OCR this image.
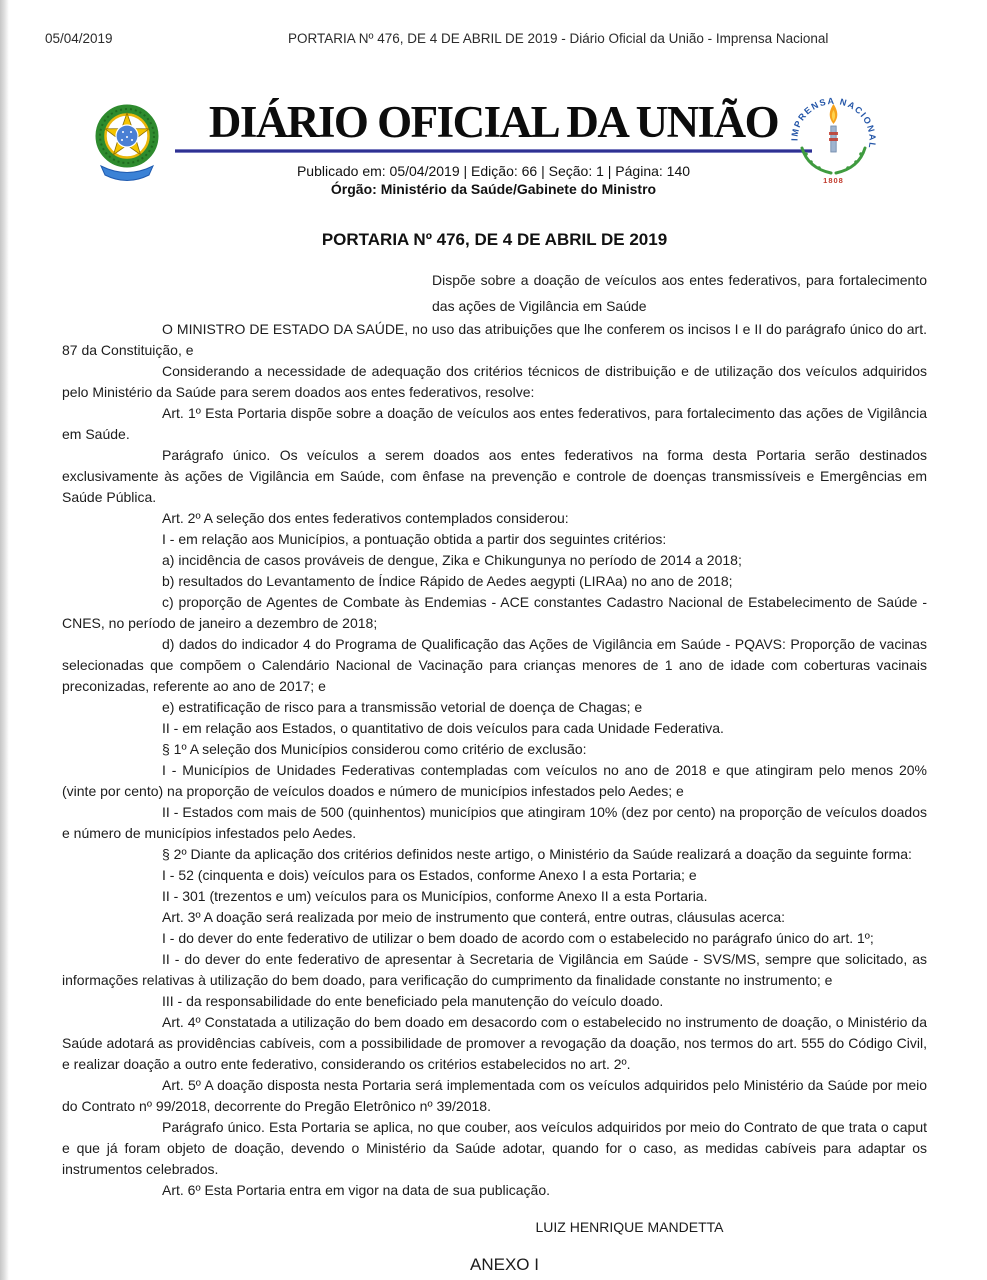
05/04/2019	PORTARIA Nº 476, DE 4 DE ABRIL DE 2019 - Diário Oficial da União - Imprensa Nacional
IMPRENSA NACIONAL
1808
DIÁRIO OFICIAL DA UNIÃO
Publicado em: 05/04/2019 | Edição: 66 | Seção: 1 | Página: 140
Órgão: Ministério da Saúde/Gabinete do Ministro
PORTARIA Nº 476, DE 4 DE ABRIL DE 2019

Dispõe sobre a doação de veículos aos entes federativos, para fortalecimento das ações de Vigilância em Saúde

O MINISTRO DE ESTADO DA SAÚDE, no uso das atribuições que lhe conferem os incisos I e II do parágrafo único do art. 87 da Constituição, e

Considerando a necessidade de adequação dos critérios técnicos de distribuição e de utilização dos veículos adquiridos pelo Ministério da Saúde para serem doados aos entes federativos, resolve:

Art. 1º Esta Portaria dispõe sobre a doação de veículos aos entes federativos, para fortalecimento das ações de Vigilância em Saúde.

Parágrafo único. Os veículos a serem doados aos entes federativos na forma desta Portaria serão destinados exclusivamente às ações de Vigilância em Saúde, com ênfase na prevenção e controle de doenças transmissíveis e Emergências em Saúde Pública.

Art. 2º A seleção dos entes federativos contemplados considerou:

I - em relação aos Municípios, a pontuação obtida a partir dos seguintes critérios:

a) incidência de casos prováveis de dengue, Zika e Chikungunya no período de 2014 a 2018;

b) resultados do Levantamento de Índice Rápido de Aedes aegypti (LIRAa) no ano de 2018;

c) proporção de Agentes de Combate às Endemias - ACE constantes Cadastro Nacional de Estabelecimento de Saúde - CNES, no período de janeiro a dezembro de 2018;

d) dados do indicador 4 do Programa de Qualificação das Ações de Vigilância em Saúde - PQAVS: Proporção de vacinas selecionadas que compõem o Calendário Nacional de Vacinação para crianças menores de 1 ano de idade com coberturas vacinais preconizadas, referente ao ano de 2017; e

e) estratificação de risco para a transmissão vetorial de doença de Chagas; e

II - em relação aos Estados, o quantitativo de dois veículos para cada Unidade Federativa.

§ 1º A seleção dos Municípios considerou como critério de exclusão:

I - Municípios de Unidades Federativas contempladas com veículos no ano de 2018 e que atingiram pelo menos 20% (vinte por cento) na proporção de veículos doados e número de municípios infestados pelo Aedes; e

II - Estados com mais de 500 (quinhentos) municípios que atingiram 10% (dez por cento) na proporção de veículos doados e número de municípios infestados pelo Aedes.

§ 2º Diante da aplicação dos critérios definidos neste artigo, o Ministério da Saúde realizará a doação da seguinte forma:

I - 52 (cinquenta e dois) veículos para os Estados, conforme Anexo I a esta Portaria; e

II - 301 (trezentos e um) veículos para os Municípios, conforme Anexo II a esta Portaria.

Art. 3º A doação será realizada por meio de instrumento que conterá, entre outras, cláusulas acerca:

I - do dever do ente federativo de utilizar o bem doado de acordo com o estabelecido no parágrafo único do art. 1º;

II - do dever do ente federativo de apresentar à Secretaria de Vigilância em Saúde - SVS/MS, sempre que solicitado, as informações relativas à utilização do bem doado, para verificação do cumprimento da finalidade constante no instrumento; e

III - da responsabilidade do ente beneficiado pela manutenção do veículo doado.

Art. 4º Constatada a utilização do bem doado em desacordo com o estabelecido no instrumento de doação, o Ministério da Saúde adotará as providências cabíveis, com a possibilidade de promover a revogação da doação, nos termos do art. 555 do Código Civil, e realizar doação a outro ente federativo, considerando os critérios estabelecidos no art. 2º.

Art. 5º A doação disposta nesta Portaria será implementada com os veículos adquiridos pelo Ministério da Saúde por meio do Contrato nº 99/2018, decorrente do Pregão Eletrônico nº 39/2018.

Parágrafo único. Esta Portaria se aplica, no que couber, aos veículos adquiridos por meio do Contrato de que trata o caput e que já foram objeto de doação, devendo o Ministério da Saúde adotar, quando for o caso, as medidas cabíveis para adaptar os instrumentos celebrados.

Art. 6º Esta Portaria entra em vigor na data de sua publicação.

LUIZ HENRIQUE MANDETTA
ANEXO I
